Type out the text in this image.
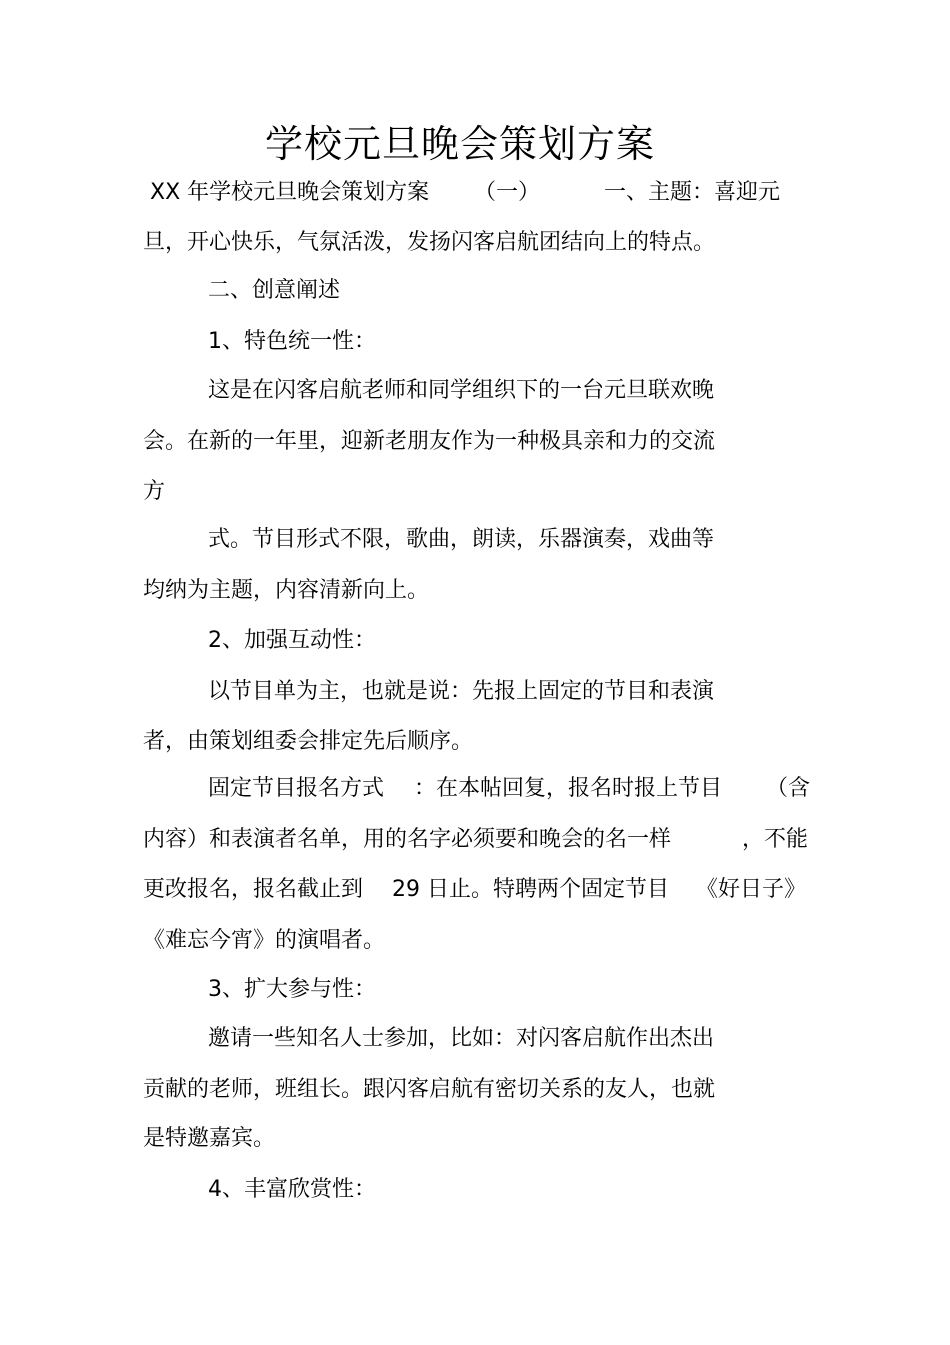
学校元旦晚会策划方案
XX 年学校元旦晚会策划方案 （一）	一、主题：喜迎元
旦，开心快乐，气氛活泼，发扬闪客启航团结向上的特点。
二、创意阐述
1、特色统一性：
这是在闪客启航老师和同学组织下的一台元旦联欢晚
会。在新的一年里，迎新老朋友作为一种极具亲和力的交流
方
式。节目形式不限，歌曲，朗读，乐器演奏，戏曲等
均纳为主题，内容清新向上。
2、加强互动性：
以节目单为主，也就是说：先报上固定的节目和表演
者，由策划组委会排定先后顺序。
固定节目报名方式 ：在本帖回复，报名时报上节目 （含
内容）和表演者名单，用的名字必须要和晚会的名一样	，不能
更改报名，报名截止到 29 日止。特聘两个固定节目 《好日子》
《难忘今宵》的演唱者。
3、扩大参与性：
邀请一些知名人士参加，比如：对闪客启航作出杰出
贡献的老师，班组长。跟闪客启航有密切关系的友人，也就
是特邀嘉宾。
4、丰富欣赏性：
